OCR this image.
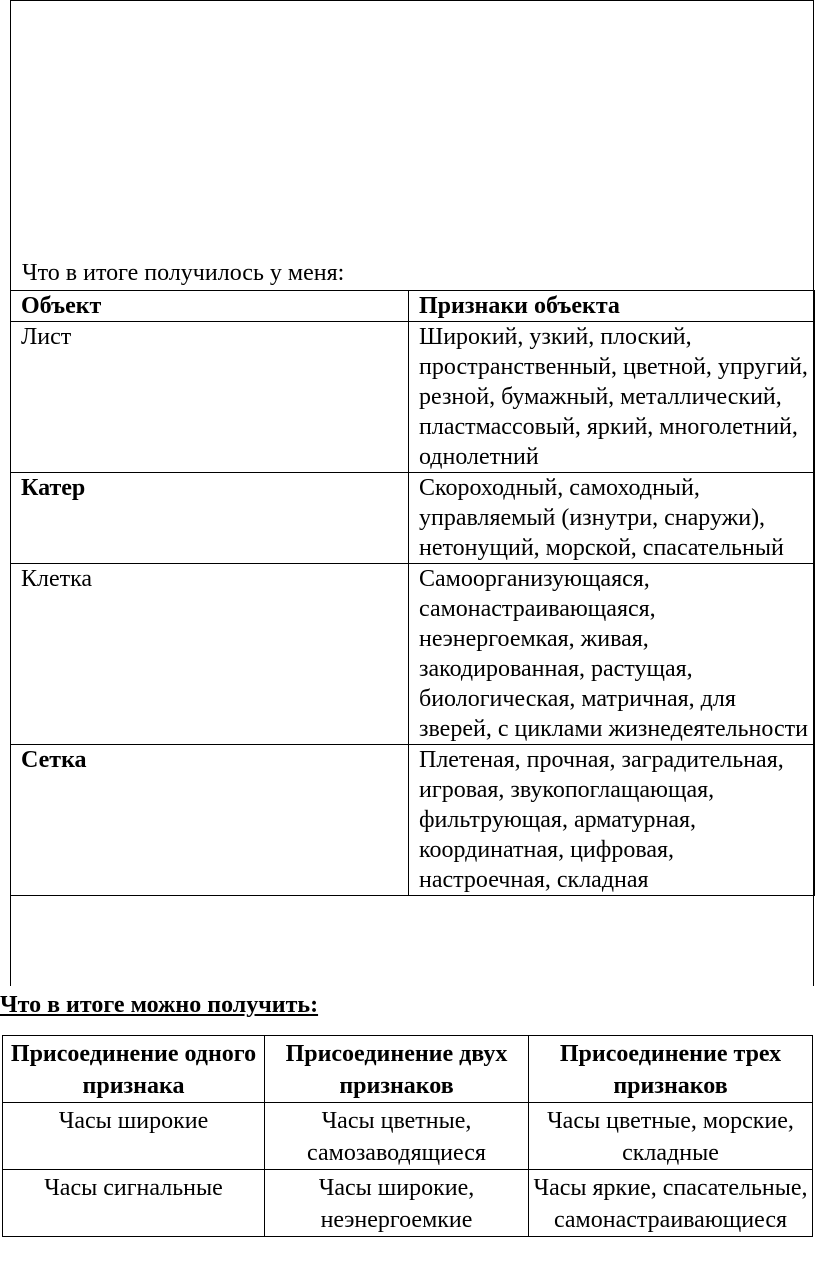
Что в итоге получилось у меня:

Объект	Признаки объекта
Лист	Широкий, узкий, плоский, пространственный, цветной, упругий, резной, бумажный, металлический, пластмассовый, яркий, многолетний, однолетний
Катер	Скороходный, самоходный, управляемый (изнутри, снаружи), нетонущий, морской, спасательный
Клетка	Самоорганизующаяся, самонастраивающаяся, неэнергоемкая, живая, закодированная, растущая, биологическая, матричная, для зверей, с циклами жизнедеятельности
Сетка	Плетеная, прочная, заградительная, игровая, звукопоглащающая, фильтрующая, арматурная, координатная, цифровая, настроечная, складная

Что в итоге можно получить:

Присоединение одного признака	Присоединение двух признаков	Присоединение трех признаков
Часы широкие	Часы цветные, самозаводящиеся	Часы цветные, морские, складные
Часы сигнальные	Часы широкие, неэнергоемкие	Часы яркие, спасательные, самонастраивающиеся
